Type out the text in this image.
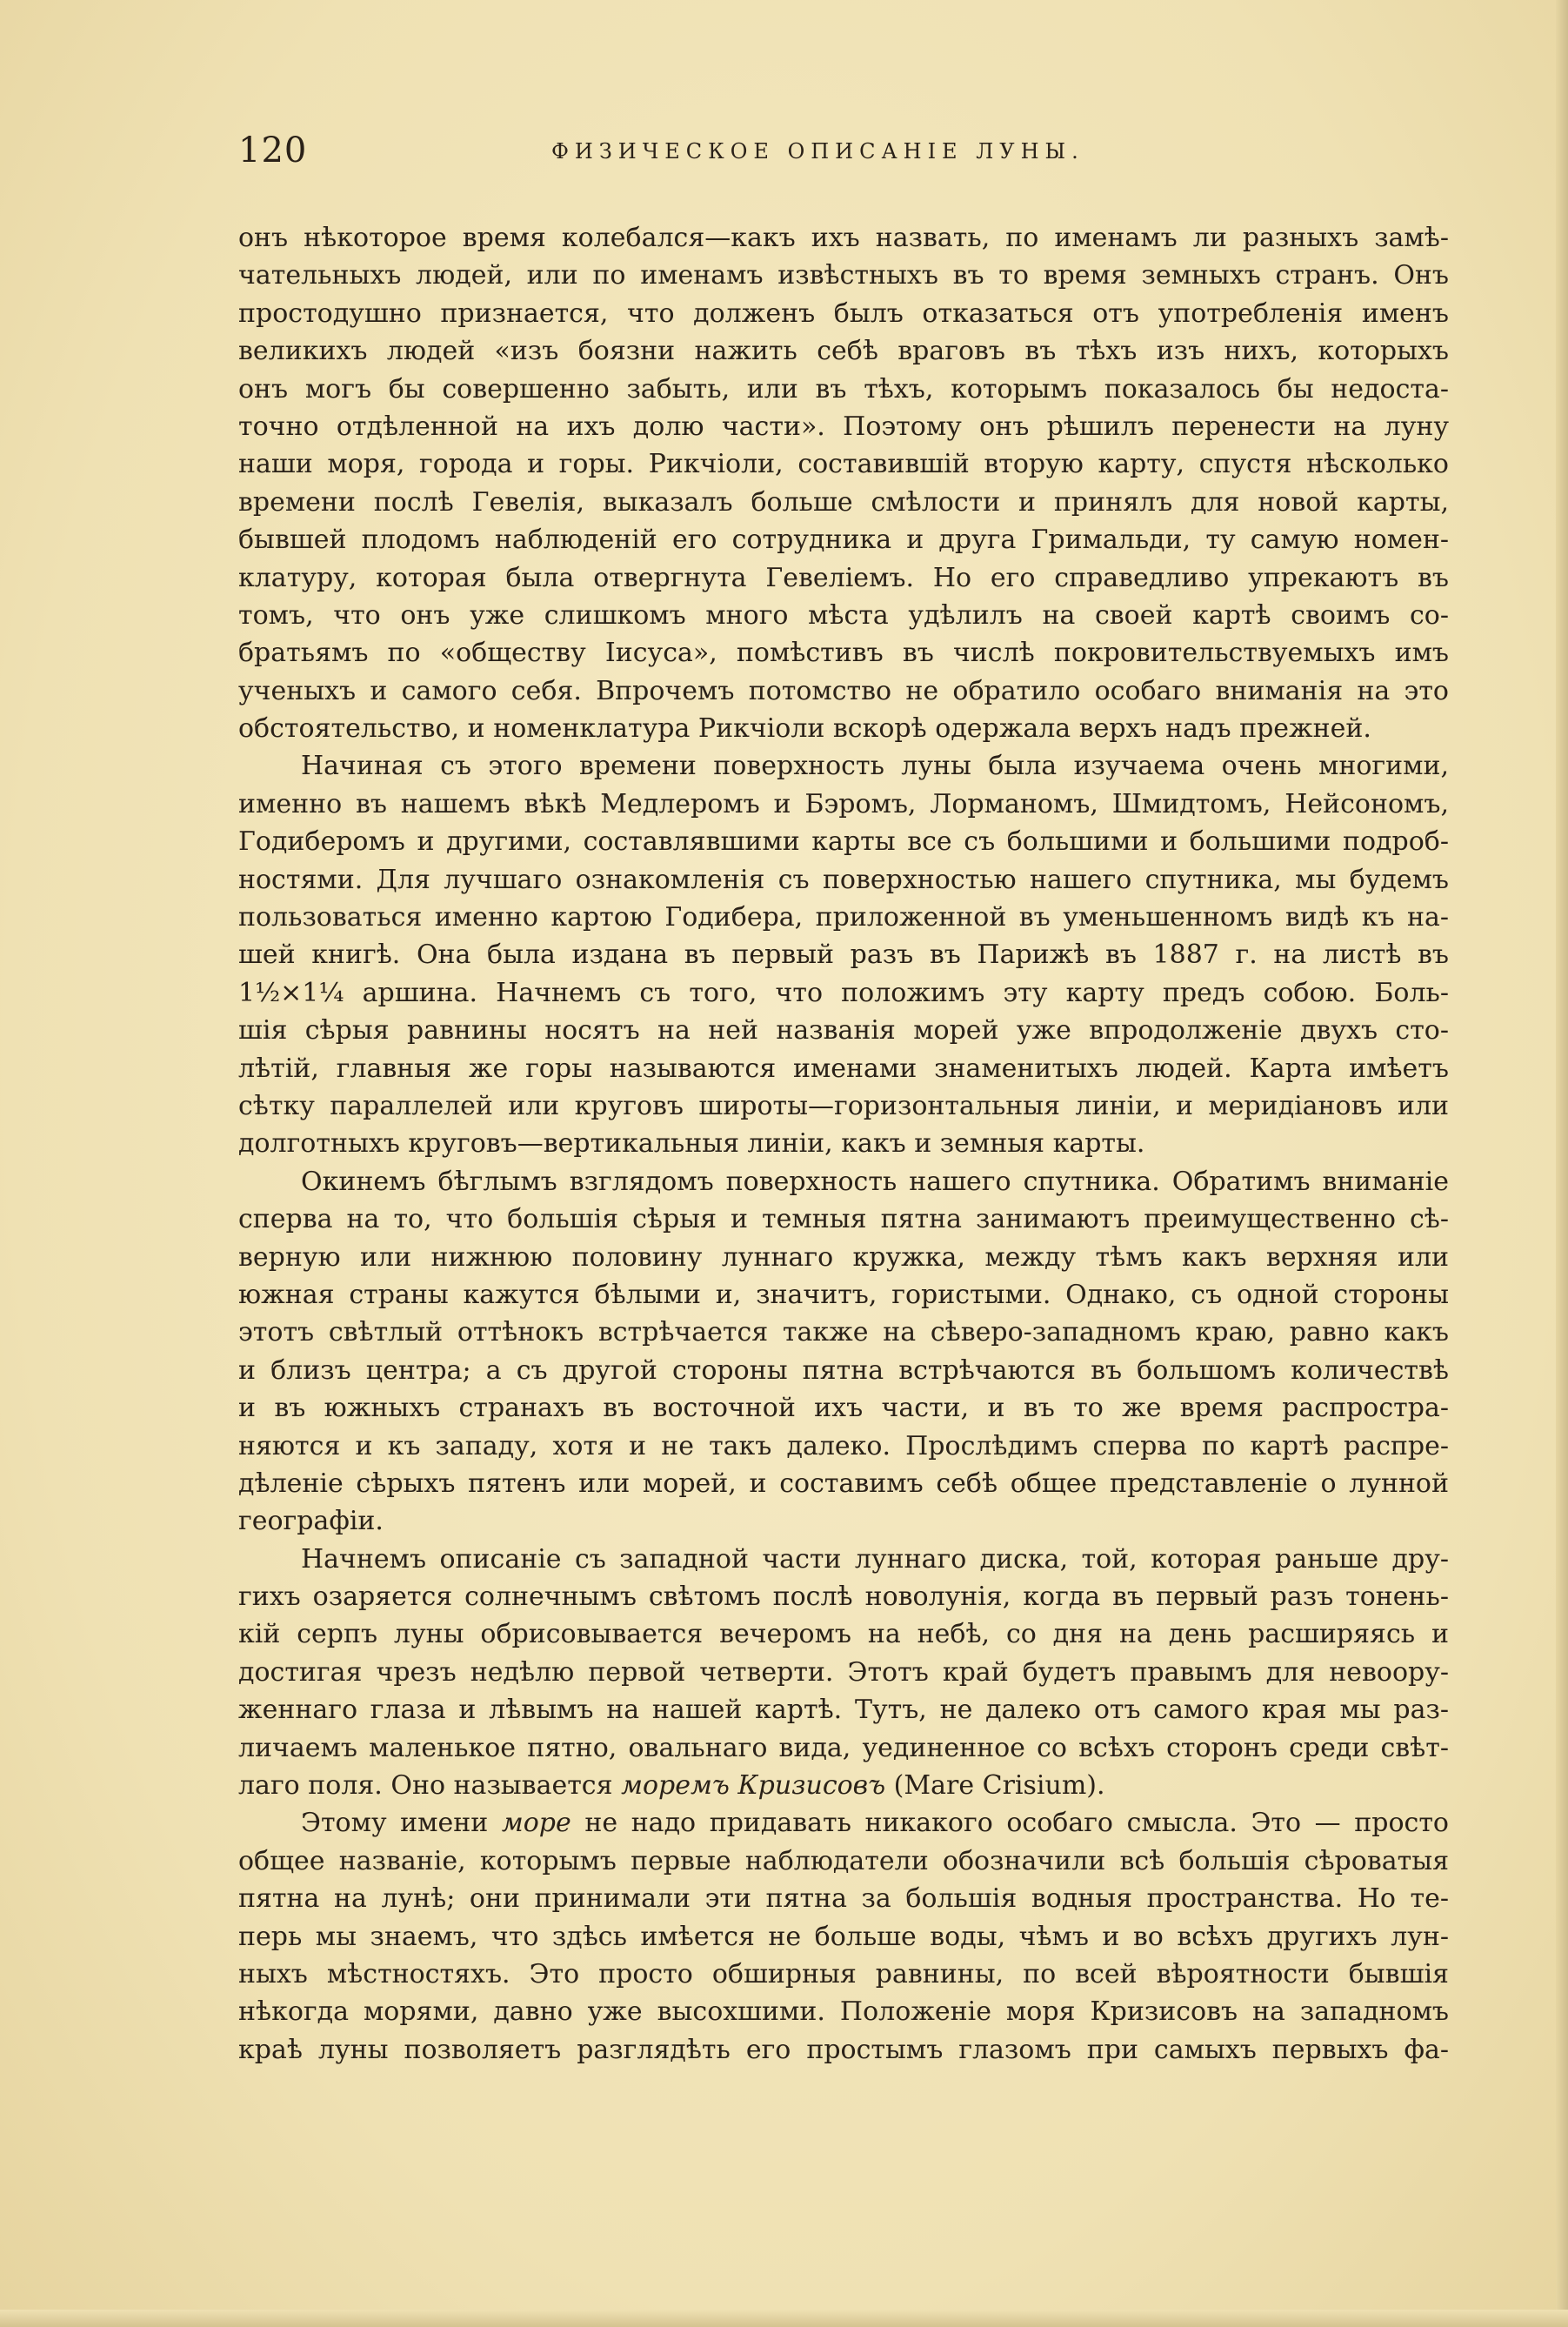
120	ФИЗИЧЕСКОЕ ОПИСАНІЕ ЛУНЫ.
онъ нѣкоторое время колебался—какъ ихъ назвать, по именамъ ли разныхъ замѣ-
чательныхъ людей, или по именамъ извѣстныхъ въ то время земныхъ странъ. Онъ
простодушно признается, что долженъ былъ отказаться отъ употребленія именъ
великихъ людей «изъ боязни нажить себѣ враговъ въ тѣхъ изъ нихъ, которыхъ
онъ могъ бы совершенно забыть, или въ тѣхъ, которымъ показалось бы недоста-
точно отдѣленной на ихъ долю части». Поэтому онъ рѣшилъ перенести на луну
наши моря, города и горы. Рикчіоли, составившій вторую карту, спустя нѣсколько
времени послѣ Гевелія, выказалъ больше смѣлости и принялъ для новой карты,
бывшей плодомъ наблюденій его сотрудника и друга Гримальди, ту самую номен-
клатуру, которая была отвергнута Гевеліемъ. Но его справедливо упрекаютъ въ
томъ, что онъ уже слишкомъ много мѣста удѣлилъ на своей картѣ своимъ со-
братьямъ по «обществу Іисуса», помѣстивъ въ числѣ покровительствуемыхъ имъ
ученыхъ и самого себя. Впрочемъ потомство не обратило особаго вниманія на это
обстоятельство, и номенклатура Рикчіоли вскорѣ одержала верхъ надъ прежней.
Начиная съ этого времени поверхность луны была изучаема очень многими,
именно въ нашемъ вѣкѣ Медлеромъ и Бэромъ, Лорманомъ, Шмидтомъ, Нейсономъ,
Годиберомъ и другими, составлявшими карты все съ большими и большими подроб-
ностями. Для лучшаго ознакомленія съ поверхностью нашего спутника, мы будемъ
пользоваться именно картою Годибера, приложенной въ уменьшенномъ видѣ къ на-
шей книгѣ. Она была издана въ первый разъ въ Парижѣ въ 1887 г. на листѣ въ
1½×1¼ аршина. Начнемъ съ того, что положимъ эту карту предъ собою. Боль-
шія сѣрыя равнины носятъ на ней названія морей уже впродолженіе двухъ сто-
лѣтій, главныя же горы называются именами знаменитыхъ людей. Карта имѣетъ
сѣтку параллелей или круговъ широты—горизонтальныя линіи, и меридіановъ или
долготныхъ круговъ—вертикальныя линіи, какъ и земныя карты.
Окинемъ бѣглымъ взглядомъ поверхность нашего спутника. Обратимъ вниманіе
сперва на то, что большія сѣрыя и темныя пятна занимаютъ преимущественно сѣ-
верную или нижнюю половину луннаго кружка, между тѣмъ какъ верхняя или
южная страны кажутся бѣлыми и, значитъ, гористыми. Однако, съ одной стороны
этотъ свѣтлый оттѣнокъ встрѣчается также на сѣверо-западномъ краю, равно какъ
и близъ центра; а съ другой стороны пятна встрѣчаются въ большомъ количествѣ
и въ южныхъ странахъ въ восточной ихъ части, и въ то же время распростра-
няются и къ западу, хотя и не такъ далеко. Прослѣдимъ сперва по картѣ распре-
дѣленіе сѣрыхъ пятенъ или морей, и составимъ себѣ общее представленіе о лунной
географіи.
Начнемъ описаніе съ западной части луннаго диска, той, которая раньше дру-
гихъ озаряется солнечнымъ свѣтомъ послѣ новолунія, когда въ первый разъ тонень-
кій серпъ луны обрисовывается вечеромъ на небѣ, со дня на день расширяясь и
достигая чрезъ недѣлю первой четверти. Этотъ край будетъ правымъ для невоору-
женнаго глаза и лѣвымъ на нашей картѣ. Тутъ, не далеко отъ самого края мы раз-
личаемъ маленькое пятно, овальнаго вида, уединенное со всѣхъ сторонъ среди свѣт-
лаго поля. Оно называется моремъ Кризисовъ (Mare Crisium).
Этому имени море не надо придавать никакого особаго смысла. Это — просто
общее названіе, которымъ первые наблюдатели обозначили всѣ большія сѣроватыя
пятна на лунѣ; они принимали эти пятна за большія водныя пространства. Но те-
перь мы знаемъ, что здѣсь имѣется не больше воды, чѣмъ и во всѣхъ другихъ лун-
ныхъ мѣстностяхъ. Это просто обширныя равнины, по всей вѣроятности бывшія
нѣкогда морями, давно уже высохшими. Положеніе моря Кризисовъ на западномъ
краѣ луны позволяетъ разглядѣть его простымъ глазомъ при самыхъ первыхъ фа-
